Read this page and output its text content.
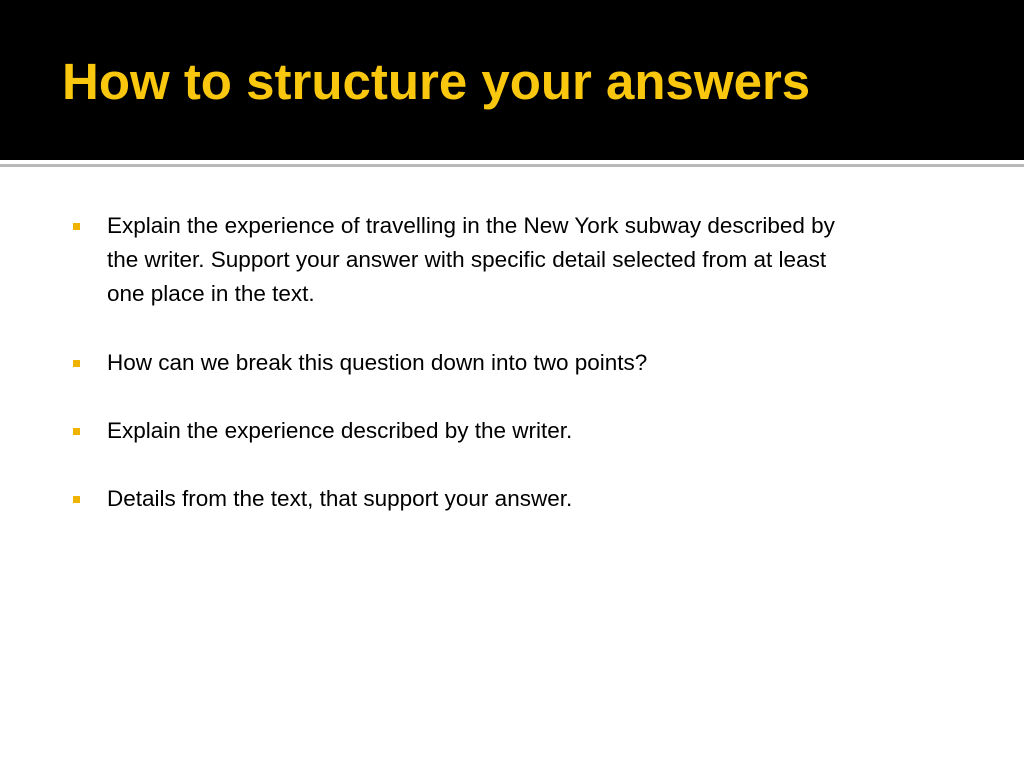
How to structure your answers
Explain the experience of travelling in the New York subway described by
the writer. Support your answer with specific detail selected from at least
one place in the text.
How can we break this question down into two points?
Explain the experience described by the writer.
Details from the text, that support your answer.
